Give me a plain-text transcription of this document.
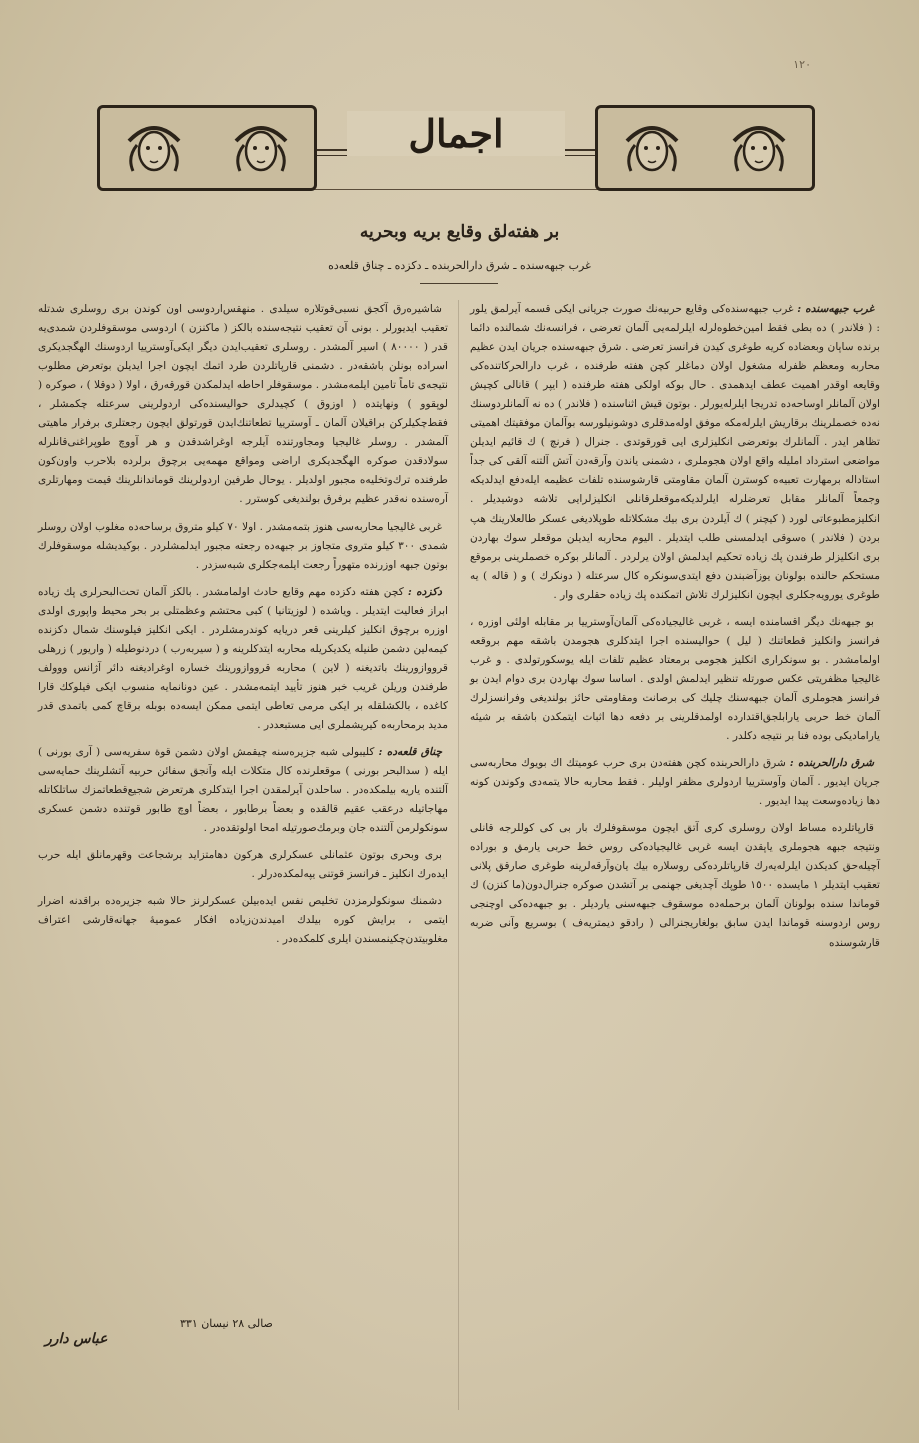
١٢٠
اجمال
بر هفته‌لق وقایع بریه وبحریه
غرب جبهه‌سنده ـ شرق دارالحربنده ـ دکزده ـ چناق قلعه‌ده

غرب جبهه‌سنده : غرب جبهه‌سنده‌کی وقایع حربیه‌نك صورت جریانی ایکی قسمه آیرلمق یلور : ( فلاندر ) ده بطی فقط امین‌خطوه‌لرله ایلرلمه‌یی آلمان تعرضی ، فرانسه‌نك شمالنده دائما برنده ساپان وبعضاده کریه طوغری کیدن فرانسز تعرضی . شرق جبهه‌سنده جریان ایدن عظیم محاربه ومعظم ظفرله مشغول اولان دماغلر کچن هفته طرفنده ، غرب دارالحرکاتنده‌کی وقایعه اوقدر اهمیت عطف ایدهمدی . حال بوکه اولکی هفته طرفنده ( ایپر ) قانالی کچیش اولان آلمانلر اوساحه‌ده تدریجا ایلرله‌یورلر . بوتون قیش اثناسنده ( فلاندر ) ده نه آلمانلردوسنك نه‌ده خصملرینك برقاریش ایلرله‌مکه موفق اوله‌مدقلری دوشونیلورسه بوآلمان موفقیتك اهمیتی تظاهر ایدر . آلمانلرك بوتعرضی انکلیزلری ایی قورقوتدی . جنرال ( فرنچ ) ك قائیم ایدیلن مواضعی استرداد املیله واقع اولان هجوملری ، دشمنی یاندن وآرقه‌دن آتش آلتنه آلقی کی جداً استاداله برمهارت تعبیه‌ه کوسترن آلمان مقاومتی قارشوسنده تلفات عظیمه ایله‌دفع ایدلدیکه وجمعاً آلمانلر مقابل تعرضلرله ایلرلدیکه‌موقعلرقانلی انکلیزلرایی تلاشه دوشیدیلر . انکلیزمطبوعاتی لورد ( کیچنر ) ك آیلردن بری بیك مشکلاتله طوپلادیغی عسکر طالعلارینك هپ بردن ( فلاندر ) ه‌سوقی ایدلمسنی طلب ایتدیلر . الیوم محاربه ایدیلن موقعلر سوك بهاردن بری انکلیزلر طرفندن پك زیاده تحکیم ایدلمش اولان یرلردر . آلمانلر بوکره خصملرینی برموقع مستحکم حالنده بولونان یوزآضبندن دفع ایتدی‌سونکره کال سرعتله ( دونکرك ) و ( قاله ) یه طوغری یورویه‌جکلری ایچون انکلیزلرك تلاش اتمکنده پك زیاده حقلری وار .

بو جبهه‌نك دیگر اقسامنده ایسه ، غربی غالیجیاده‌کی آلمان‌آوسترییا بر مقابله اولئی اوزره ، فرانسز وانکلیز قطعاتنك ( لیل ) حوالیسنده اجرا ایتدکلری هجومدن باشقه مهم بروقعه اولمامشدر . بو سونکراری انکلیز هجومی برمعتاد عظیم تلفات ایله یوسکورتولدی . و غرب غالیجیا مظفریتی عکس صورتله تنظیر ایدلمش اولدی . اساسا سوك بهاردن بری دوام ایدن بو فرانسز هجوملری آلمان جبهه‌سنك چلیك کی برصانت ومقاومتی حائز بولندیغی وفرانسزلرك آلمان خط حربی یارابلجق‌اقتدارده اولمدقلرینی بر دفعه دها اثبات ایتمکدن باشقه بر شیئه یارامادیکی بوده فنا بر نتیجه دکلدر .

شرق دارالحربنده : شرق دارالحربنده کچن هفته‌دن بری حرب عومیتك اك بویوك محاربه‌سی جریان ایدیور . آلمان وآوسترییا اردولری مظفر اولیلر . فقط محاربه حالا یتمه‌دی وکوندن کونه دها زیاده‌وسعت پیدا ایدیور .

قارپاتلرده مساط اولان روسلری کری آتق ایچون موسقوفلرك بار بی کی کوللرجه قانلی ونتیجه جبهه هجوملری یاپقدن ایسه غربی غالیجیاده‌کی روس خط حربی یارمق و بوراده آچیله‌حق کدیکدن ایلرله‌یه‌رك قارپاتلرده‌کی روسلاره بیك یان‌وآرقه‌لرینه طوغری صارقق پلانی تعقیب ایتدیلر ١ مایسده ١٥٠٠ طوپك آچدیغی جهنمی بر آتشدن صوکره جنرال‌دون(ما کنزن) ك قوماندا سنده بولونان آلمان برحمله‌ده موسقوف جبهه‌سنی یاردیلر . بو جبهه‌ده‌کی اوچنجی روس اردوسنه قوماندا ایدن سابق بولغاریجنرالی ( رادقو دیمتریه‌ف ) بوسریع وآنی ضربه قارشوسنده

شاشیره‌رق آکجق نسبی‌قوتلاره سیلدی . منهقس‌اردوسی اون کوندن بری روسلری شدتله تعقیب ایدیورلر . بونی آن تعقیب نتیجه‌سنده بالکز ( ماکنزن ) اردوسی موسقوفلردن شمدی‌یه قدر ( ٨٠٠٠٠ ) اسیر آلمشدر . روسلری تعقیب‌ایدن دیگر ایکی‌آوسترییا اردوسنك الهگجدیکری اسراده بونلن باشقه‌در . دشمنی قارپاتلردن طرد اتمك ایچون اجرا ایدیلن بوتعرض مطلوب نتیجه‌ی تاماً تامین ایلمه‌مشدر . موسقوفلر احاطه ایدلمکدن قورقه‌رق ، اولا ( دوقلا ) ، صوکره ( لوپقوو ) ونهایتده ( اوزوق ) کچیدلری حوالیسنده‌کی اردولرینی سرعتله چکمشلر ، فقط‌چکیلرکن براقیلان آلمان ـ آوسترییا تطعاتنك‌ایدن قورتولق ایچون رجعتلری برفرار ماهیتی آلمشدر . روسلر غالیجیا ومجاورتنده آیلرجه اوغراشدقدن و هر آووچ طوپراغنی‌قانلرله سولادقدن صوکره الهگجدیکری اراضی ومواقع مهمه‌یی برچوق برلرده بلاحرب واون‌کون طرفنده ترك‌وتخلیه‌ه مجبور اولدیلر . یوحال طرفین اردولرینك قوماندانلرینك قیمت ومهارتلری آره‌سنده نه‌قدر عظیم برفرق بولندیغی کوسترر .

غربی غالیجیا محاربه‌سی هنوز بتمه‌مشدر . اولا ٧٠ کیلو متروق برساحه‌ده مغلوب اولان روسلر شمدی ٣٠٠ کیلو متروی متجاوز بر جبهه‌ده رجعته مجبور ایدلمشلردر . بوکیدیشله موسقوفلرك بوتون جبهه اوزرنده متهوراً رجعت ایلمه‌جکلری شبه‌سزدر .

دکزده : کچن هفته دکزده مهم وقایع حادث اولمامشدر . بالکز آلمان تحت‌البحرلری پك زیاده ابراز فعالیت ایتدیلر . ویاشده ( لوزیتانیا ) کبی محتشم وعظمتلی بر بحر محیط واپوری اولدی اوزره برچوق انکلیز کیلرینی قعر دریایه کوندرمشلردر . ایکی انکلیز فیلوسنك شمال دکزنده کیمه‌لین دشمن طنیله یکدیکریله محاربه ایتدکلرینه و ( سیربه‌رب ) دردنوطیله ( واریور ) زرهلی قرووازورینك باتدیغنه ( لاین ) محاربه قرووازورینك خساره اوغرادیغنه دائر آژانس ووولف طرفندن وریلن غریب خبر هنوز تأیید ایتمه‌مشدر . عین دونانمایه منسوب ایکی فیلوکك قارا کاغده ، بالکشلقله بر ایکی مرمی تعاطی ایتمی ممکن ایسه‌ده بوبله برقاچ کمی باتمدی قدر مدید برمحاربه‌ه کیریشملری ایی مستبعددر .

چناق قلعه‌ده : کلیبولی شبه جزیره‌سنه چیقمش اولان دشمن قوة سفریه‌سی ( آری بورنی ) ایله ( سدالبحر بورنی ) موقعلرنده کال متکلات ایله وآنجق سفائن حربیه آتشلرینك حمایه‌سی آلتنده یاریه بیلمکده‌در . ساحلدن آیرلمقدن اجرا ایتدکلری هرتعرض شجیع‌قطعاتمزك ساتلکاتله مهاجاتیله درعقب عقیم قالقده و بعضاً برطابور ، بعضاً اوچ طابور قوتنده دشمن عسکری سونکولرمن آلتنده جان وبرمك‌صورتیله امحا اولوتقده‌در .

بری وبحری بوتون عثمانلی عسکرلری هرکون دهامتزاید برشجاعت وقهرمانلق ایله حرب ایده‌رك انکلیز ـ فرانسز قوتنی یپه‌لمکده‌درلر .

دشمنك سونکولرمزدن تخلیص نفس ایده‌بیلن عسکرلرنز حالا شبه جزیره‌ده براقدنه اضرار ایتمی ، برایش کوره بیلدك امیدندن‌زیاده افکار عمومیهٔ جهانه‌قارشی اعتراف مغلوبیتدن‌چکینمسندن ایلری کلمکده‌در .

صالی ٢٨ نیسان ٣٣١
عباس دارر
